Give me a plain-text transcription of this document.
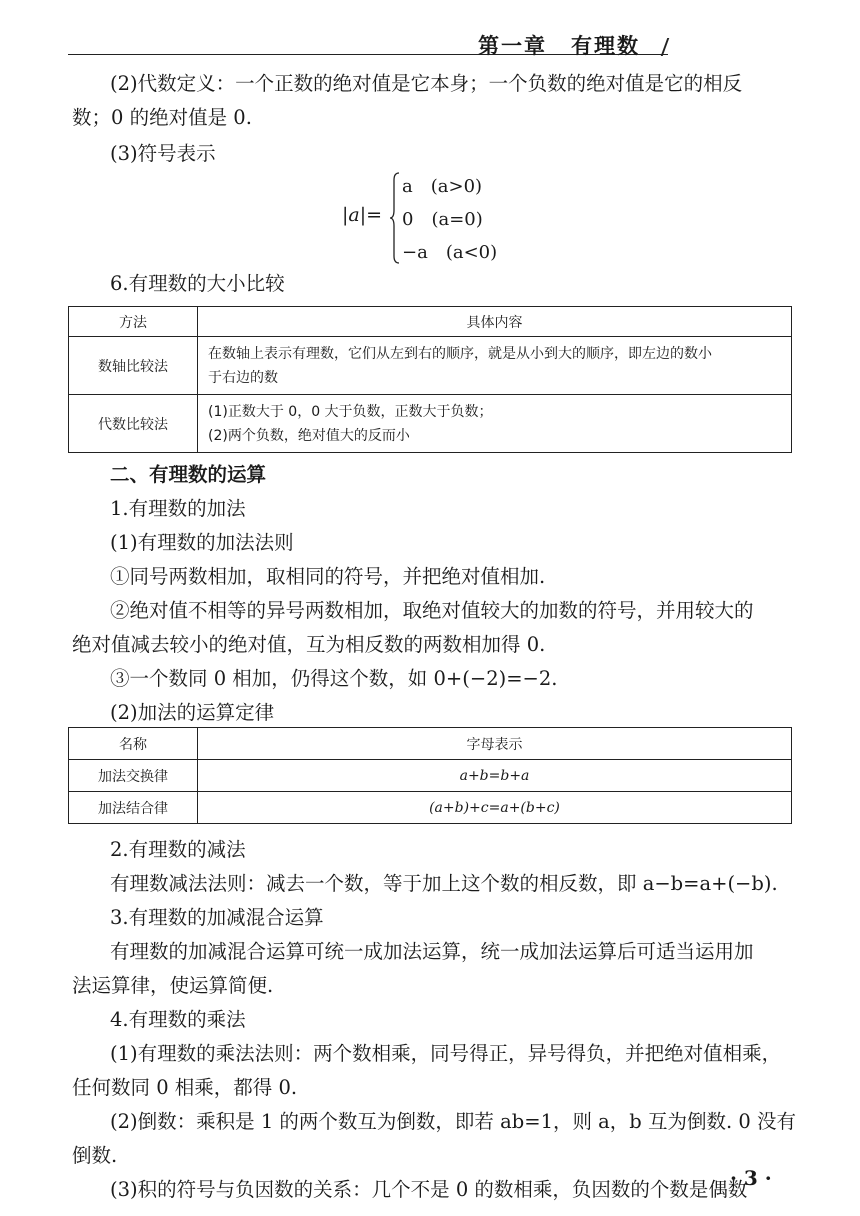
第一章 有理数
(2)代数定义：一个正数的绝对值是它本身；一个负数的绝对值是它的相反
数；0 的绝对值是 0.
(3)符号表示
|a|=
a　(a>0)
0　(a=0)
−a　(a<0)
6.有理数的大小比较
方法	具体内容
数轴比较法	在数轴上表示有理数，它们从左到右的顺序，就是从小到大的顺序，即左边的数小
于右边的数

代数比较法	(1)正数大于 0，0 大于负数，正数大于负数；
(2)两个负数，绝对值大的反而小
二、有理数的运算
1.有理数的加法
(1)有理数的加法法则
①同号两数相加，取相同的符号，并把绝对值相加.
②绝对值不相等的异号两数相加，取绝对值较大的加数的符号，并用较大的
绝对值减去较小的绝对值，互为相反数的两数相加得 0.
③一个数同 0 相加，仍得这个数，如 0+(−2)=−2.
(2)加法的运算定律
名称	字母表示
加法交换律	a+b=b+a
加法结合律	(a+b)+c=a+(b+c)
2.有理数的减法
有理数减法法则：减去一个数，等于加上这个数的相反数，即 a−b=a+(−b).
3.有理数的加减混合运算
有理数的加减混合运算可统一成加法运算，统一成加法运算后可适当运用加
法运算律，使运算简便.
4.有理数的乘法
(1)有理数的乘法法则：两个数相乘，同号得正，异号得负，并把绝对值相乘，
任何数同 0 相乘，都得 0.
(2)倒数：乘积是 1 的两个数互为倒数，即若 ab=1，则 a，b 互为倒数. 0 没有
倒数.
(3)积的符号与负因数的关系：几个不是 0 的数相乘，负因数的个数是偶数
· 3 ·
